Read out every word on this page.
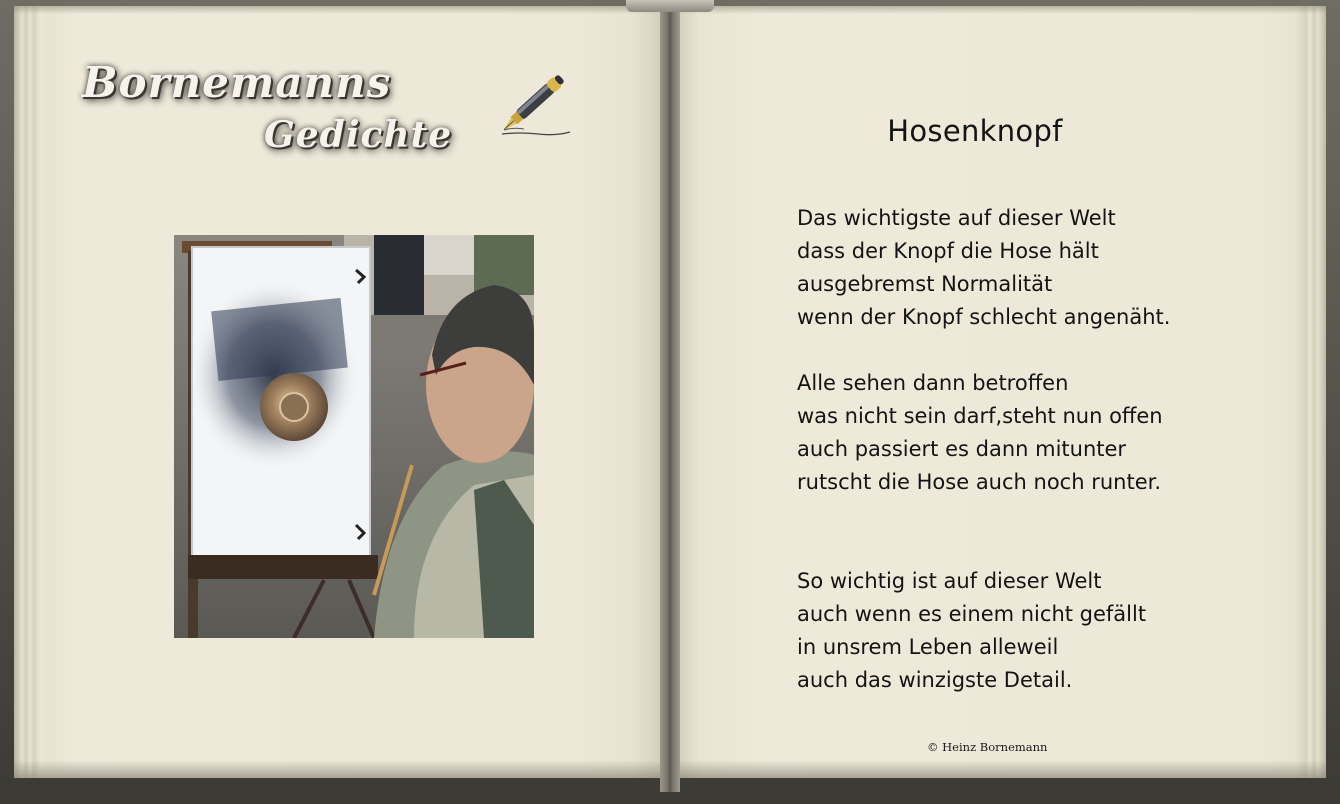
Bornemanns
Gedichte	Hosenknopf
Das wichtigste auf dieser Welt
dass der Knopf die Hose hält
ausgebremst Normalität
wenn der Knopf schlecht angenäht.
Alle sehen dann betroffen
was nicht sein darf,steht nun offen
auch passiert es dann mitunter
rutscht die Hose auch noch runter.
So wichtig ist auf dieser Welt
auch wenn es einem nicht gefällt
in unsrem Leben alleweil
auch das winzigste Detail.
© Heinz Bornemann
